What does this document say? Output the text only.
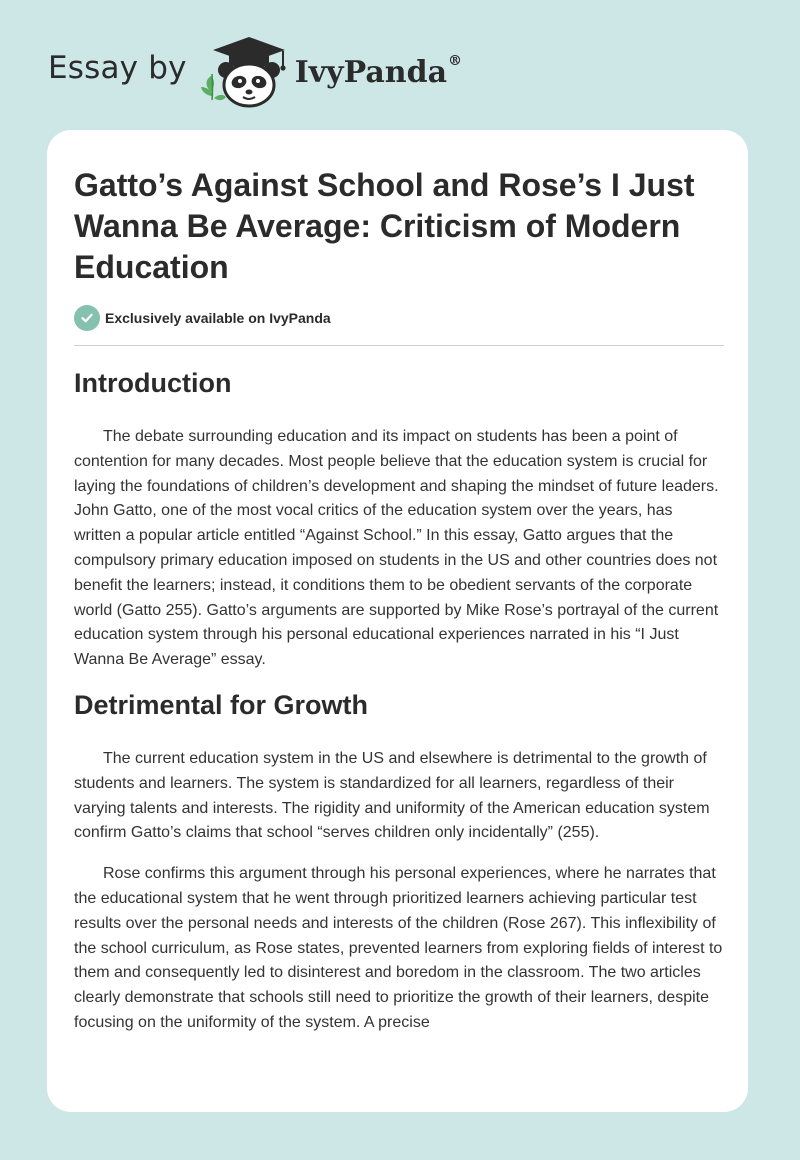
Essay by	IvyPanda®
Gatto’s Against School and Rose’s I Just Wanna Be Average: Criticism of Modern Education
Exclusively available on IvyPanda
Introduction

The debate surrounding education and its impact on students has been a point of contention for many decades. Most people believe that the education system is crucial for laying the foundations of children’s development and shaping the mindset of future leaders. John Gatto, one of the most vocal critics of the education system over the years, has written a popular article entitled “Against School.” In this essay, Gatto argues that the compulsory primary education imposed on students in the US and other countries does not benefit the learners; instead, it conditions them to be obedient servants of the corporate world (Gatto 255). Gatto’s arguments are supported by Mike Rose’s portrayal of the current education system through his personal educational experiences narrated in his “I Just Wanna Be Average” essay.

Detrimental for Growth

The current education system in the US and elsewhere is detrimental to the growth of students and learners. The system is standardized for all learners, regardless of their varying talents and interests. The rigidity and uniformity of the American education system confirm Gatto’s claims that school “serves children only incidentally” (255).

Rose confirms this argument through his personal experiences, where he narrates that the educational system that he went through prioritized learners achieving particular test results over the personal needs and interests of the children (Rose 267). This inflexibility of the school curriculum, as Rose states, prevented learners from exploring fields of interest to them and consequently led to disinterest and boredom in the classroom. The two articles clearly demonstrate that schools still need to prioritize the growth of their learners, despite focusing on the uniformity of the system. A precise
